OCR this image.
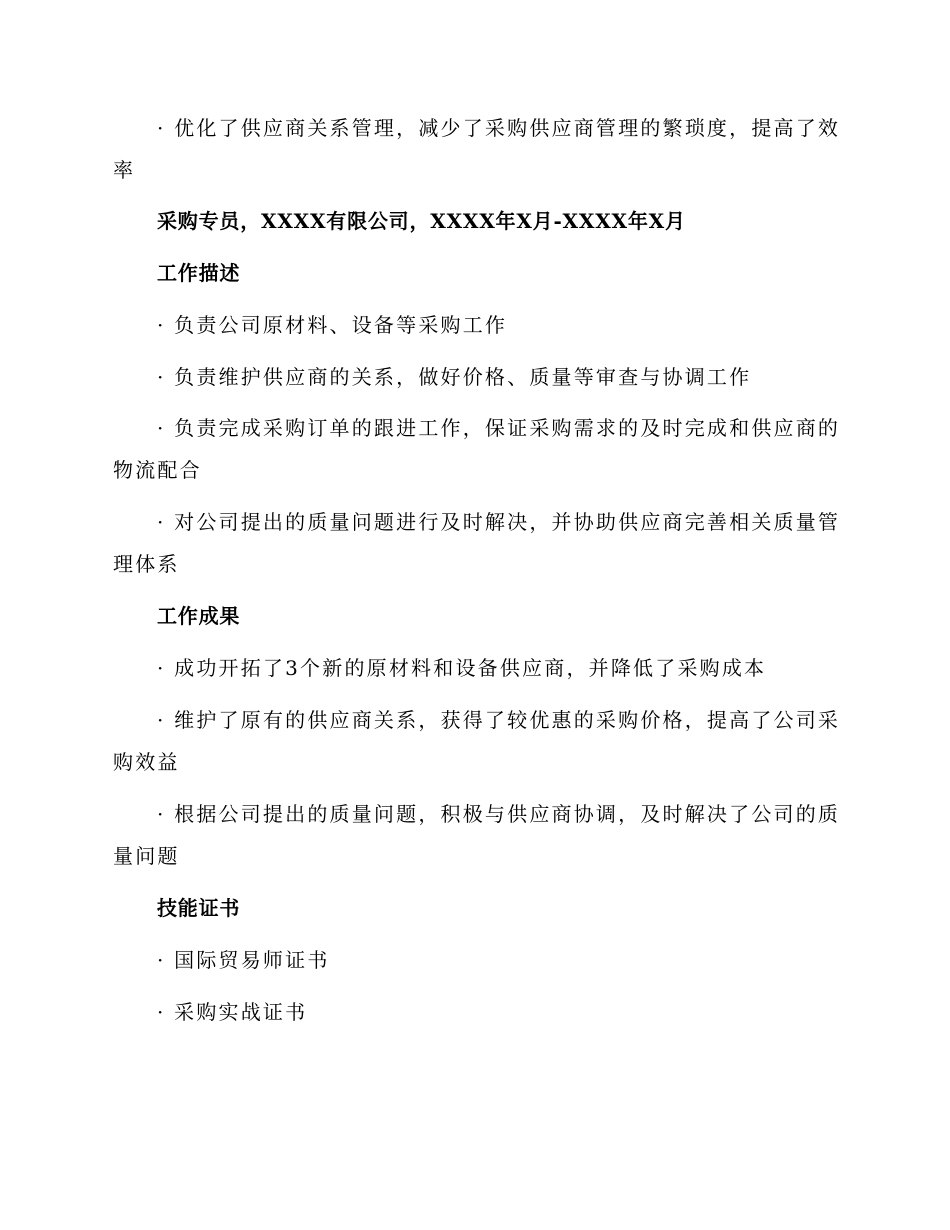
· 优化了供应商关系管理，减少了采购供应商管理的繁琐度，提高了效
率
采购专员，XXXX有限公司，XXXX年X月-XXXX年X月
工作描述
· 负责公司原材料、设备等采购工作
· 负责维护供应商的关系，做好价格、质量等审查与协调工作
· 负责完成采购订单的跟进工作，保证采购需求的及时完成和供应商的
物流配合
· 对公司提出的质量问题进行及时解决，并协助供应商完善相关质量管
理体系
工作成果
· 成功开拓了3个新的原材料和设备供应商，并降低了采购成本
· 维护了原有的供应商关系，获得了较优惠的采购价格，提高了公司采
购效益
· 根据公司提出的质量问题，积极与供应商协调，及时解决了公司的质
量问题
技能证书
· 国际贸易师证书
· 采购实战证书
